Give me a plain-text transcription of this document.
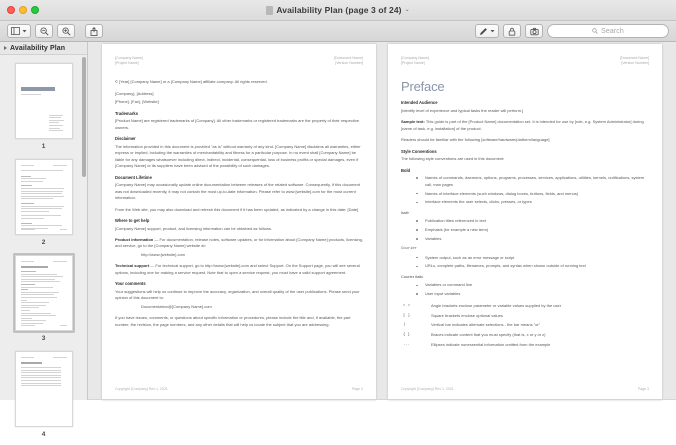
Availability Plan (page 3 of 24) ⌄
Search
Availability Plan
1
2
3
4
[Company Name]
[Project Name]
[Document Name]
[Version Number]
© [Year] [Company Name] or a [Company Name] affiliate company. All rights reserved.
[Company], [Address]
[Phone], [Fax], [Website]
Trademarks
[Product Name] are registered trademarks of [Company]. All other trademarks or registered trademarks are the property of their respective owners.
Disclaimer
The information provided in this document is provided "as is" without warranty of any kind. [Company Name] disclaims all warranties, either express or implied, including the warranties of merchantability and fitness for a particular purpose. In no event shall [Company Name] be liable for any damages whatsoever including direct, indirect, incidental, consequential, loss of business profits or special damages, even if [Company Name] or its suppliers have been advised of the possibility of such damages.
Document Lifetime
[Company Name] may occasionally update online documentation between releases of the related software. Consequently, if this document was not downloaded recently, it may not contain the most up-to-date information. Please refer to www.[website].com for the most current information.
From the Web site, you may also download and refresh this document if it has been updated, as indicated by a change in this date: [Date]
Where to get help
[Company Name] support, product, and licensing information can be obtained as follows.
Product information — For documentation, release notes, software updates, or for information about [Company Name] products, licensing, and service, go to the [Company Name] website at:
http://www.[website].com
Technical support — For technical support, go to http://www.[website].com and select Support. On the Support page, you will see several options, including one for making a service request. Note that to open a service request, you must have a valid support agreement.
Your comments
Your suggestions will help us continue to improve the accuracy, organization, and overall quality of the user publications. Please send your opinion of this document to:
Documentation@[Company Name].com
If you have issues, comments, or questions about specific information or procedures, please include the title and, if available, the part number, the revision, the page numbers, and any other details that will help us locate the subject that you are addressing.
Copyright [Company] Rev 1, 2021	Page 2
[Company Name]
[Project Name]
[Document Name]
[Version Number]
Preface
Intended Audience
[Identify level of experience and typical tasks the reader will perform.]
Sample text: This guide is part of the [Product Name] documentation set. It is intended for use by [role, e.g. System Administrator] during [name of task, e.g. installation] of the product.
Readers should be familiar with the following [software/hardware/platform/language]
Style Conventions
The following style conventions are used in this document:
Bold
Names of commands, daemons, options, programs, processes, services, applications, utilities, kernels, notifications, system call, man pages
Names of interface elements (such windows, dialog boxes, buttons, fields, and menus)
Interface elements the user selects, clicks, presses, or types
Italic
Publication titles referenced in text
Emphasis (for example a new term)
Variables
Courier
System output, such as an error message or script
URLs, complete paths, filenames, prompts, and syntax when shown outside of running text
Courier italic
Variables or command line
User input variables
< >	Angle brackets enclose parameter or variable values supplied by the user
[ ]	Square brackets enclose optional values
|	Vertical bar indicates alternate selections - the bar means "or"
{ }	Braces indicate content that you must specify (that is, x or y or z)
...	Ellipses indicate nonessential information omitted from the example
Copyright [Company] Rev 1, 2021	Page 3
